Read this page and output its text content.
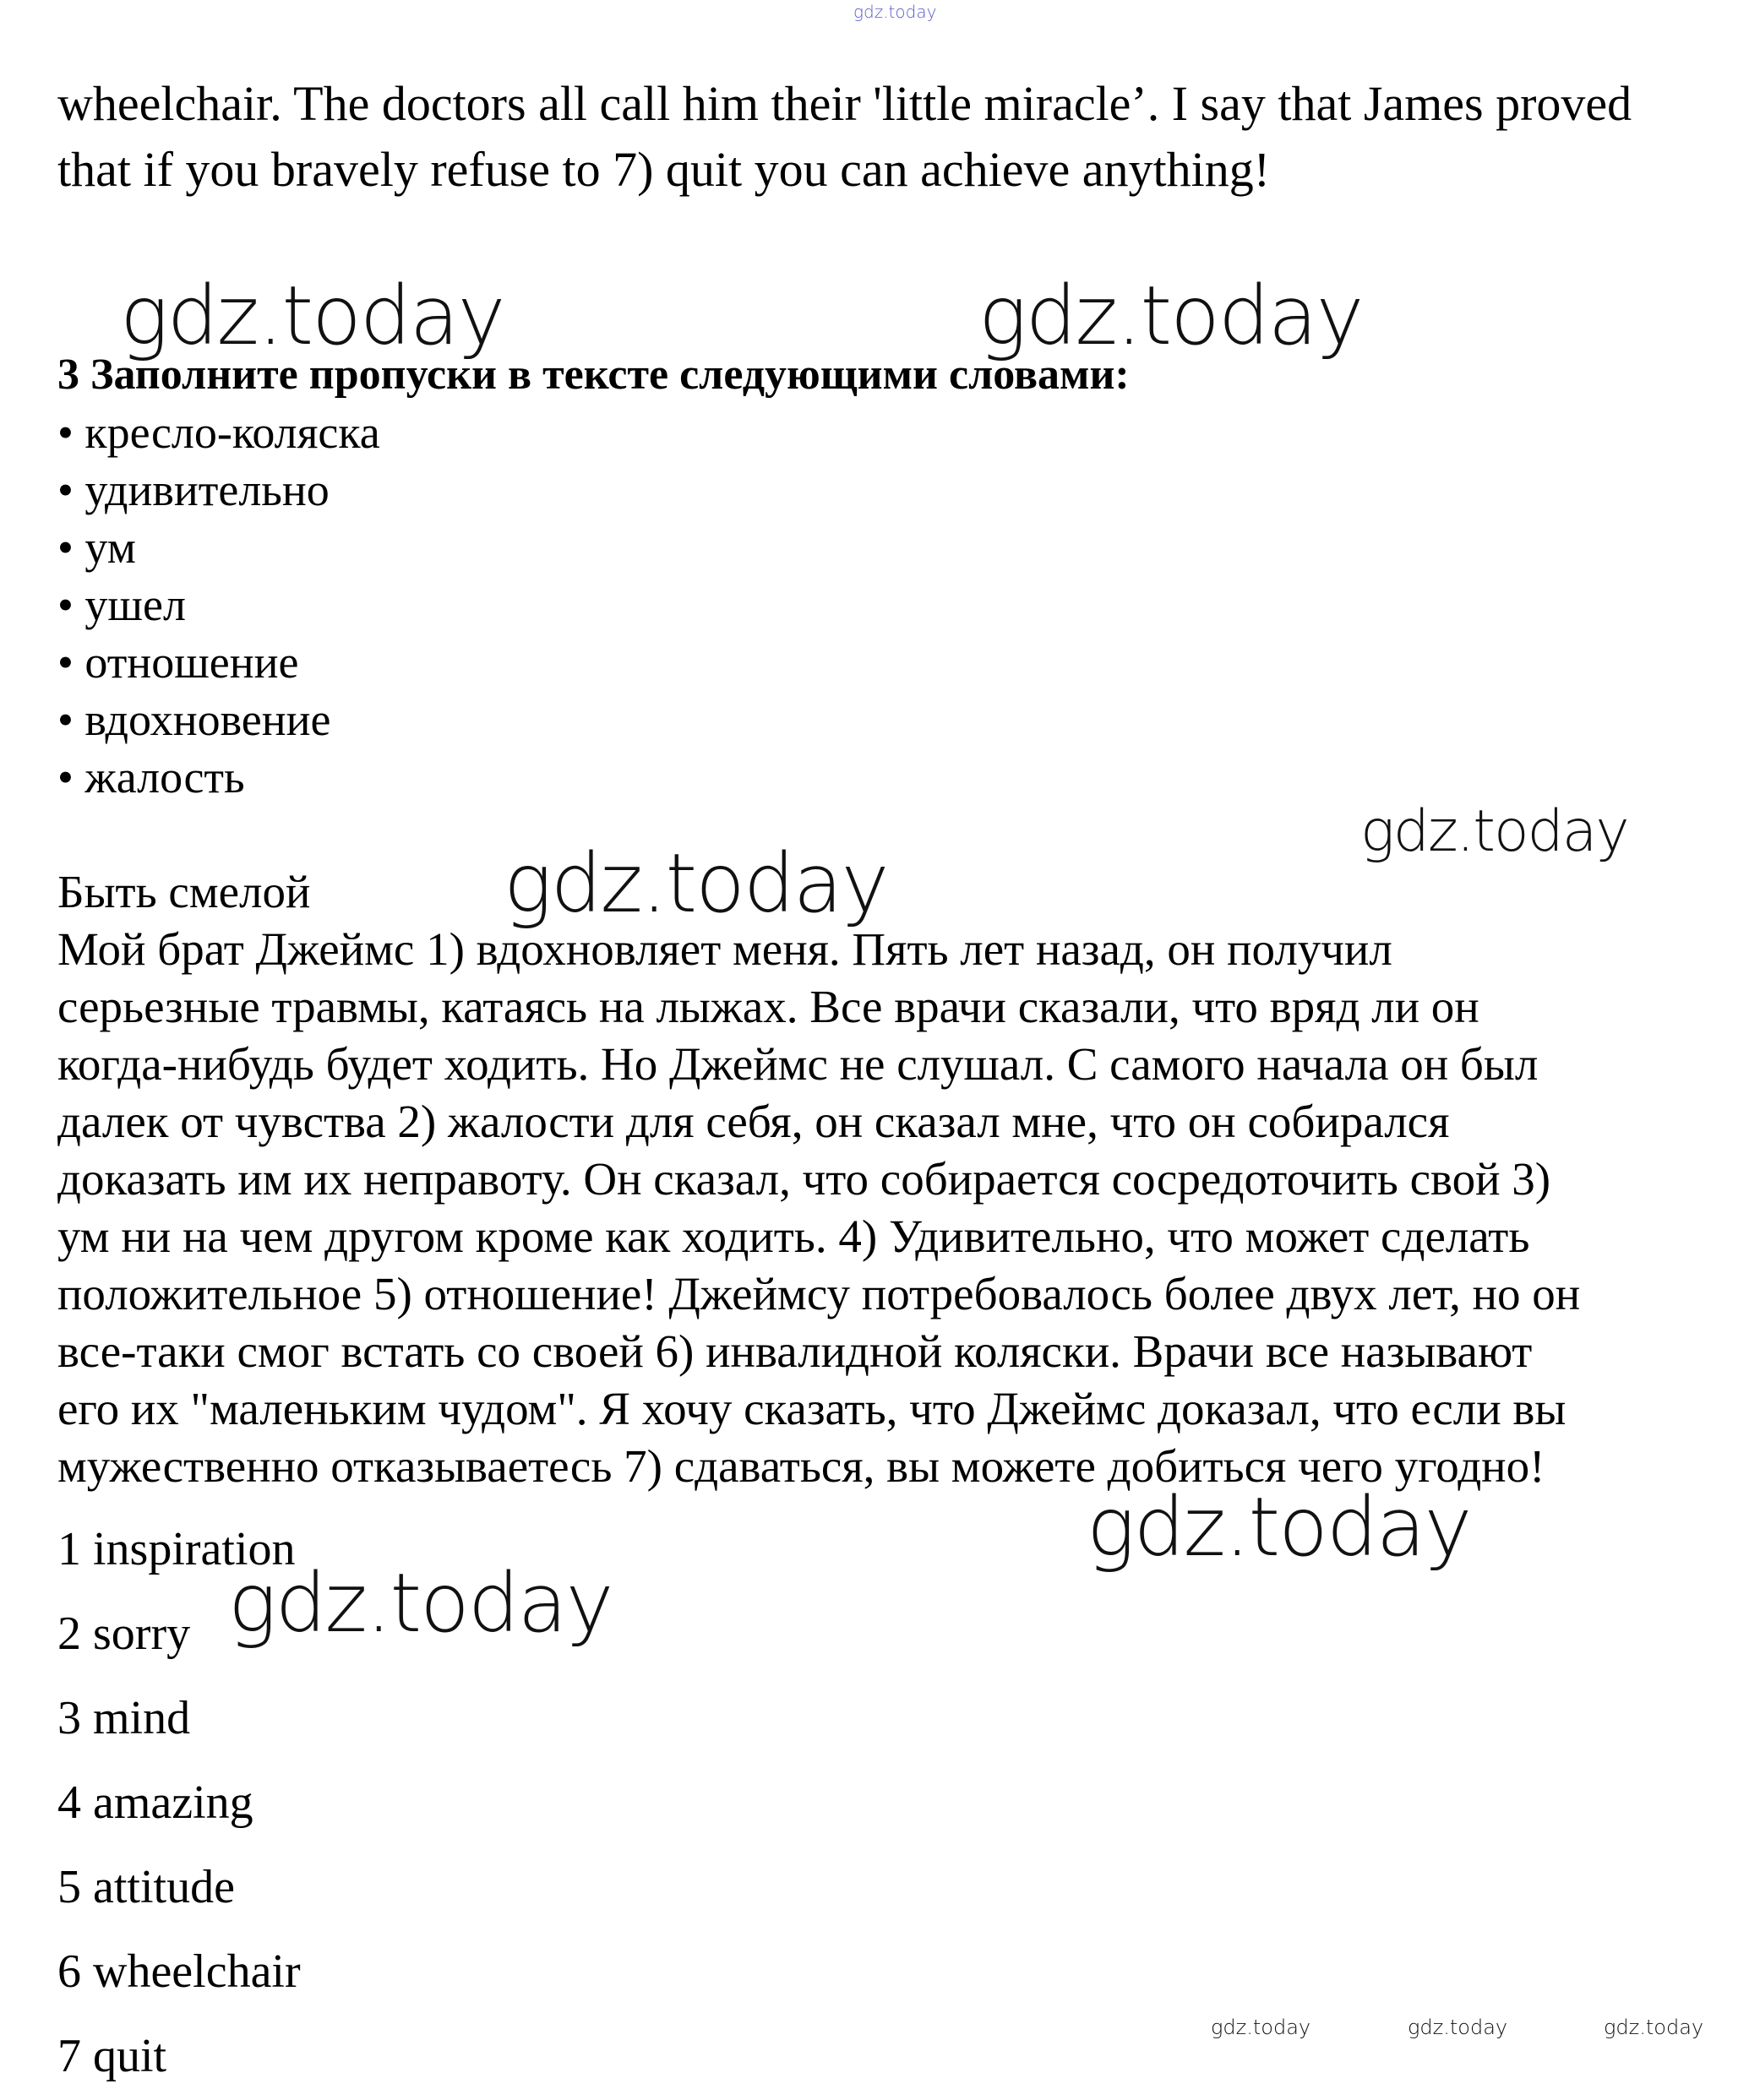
gdz.today

wheelchair. The doctors all call him their 'little miracle’. I say that James proved

that if you bravely refuse to 7) quit you can achieve anything!

3 Заполните пропуски в тексте следующими словами:

• кресло-коляска

• удивительно

• ум

• ушел

• отношение

• вдохновение

• жалость

Быть смелой

Мой брат Джеймс 1) вдохновляет меня. Пять лет назад, он получил

серьезные травмы, катаясь на лыжах. Все врачи сказали, что вряд ли он

когда-нибудь будет ходить. Но Джеймс не слушал. С самого начала он был

далек от чувства 2) жалости для себя, он сказал мне, что он собирался

доказать им их неправоту. Он сказал, что собирается сосредоточить свой 3)

ум ни на чем другом кроме как ходить. 4) Удивительно, что может сделать

положительное 5) отношение! Джеймсу потребовалось более двух лет, но он

все-таки смог встать со своей 6) инвалидной коляски. Врачи все называют

его их "маленьким чудом". Я хочу сказать, что Джеймс доказал, что если вы

мужественно отказываетесь 7) сдаваться, вы можете добиться чего угодно!

1 inspiration

2 sorry

3 mind

4 amazing

5 attitude

6 wheelchair

7 quit

gdz.today	gdz.today
gdz.today
gdz.today
gdz.today
gdz.today
gdz.today	gdz.today	gdz.today
